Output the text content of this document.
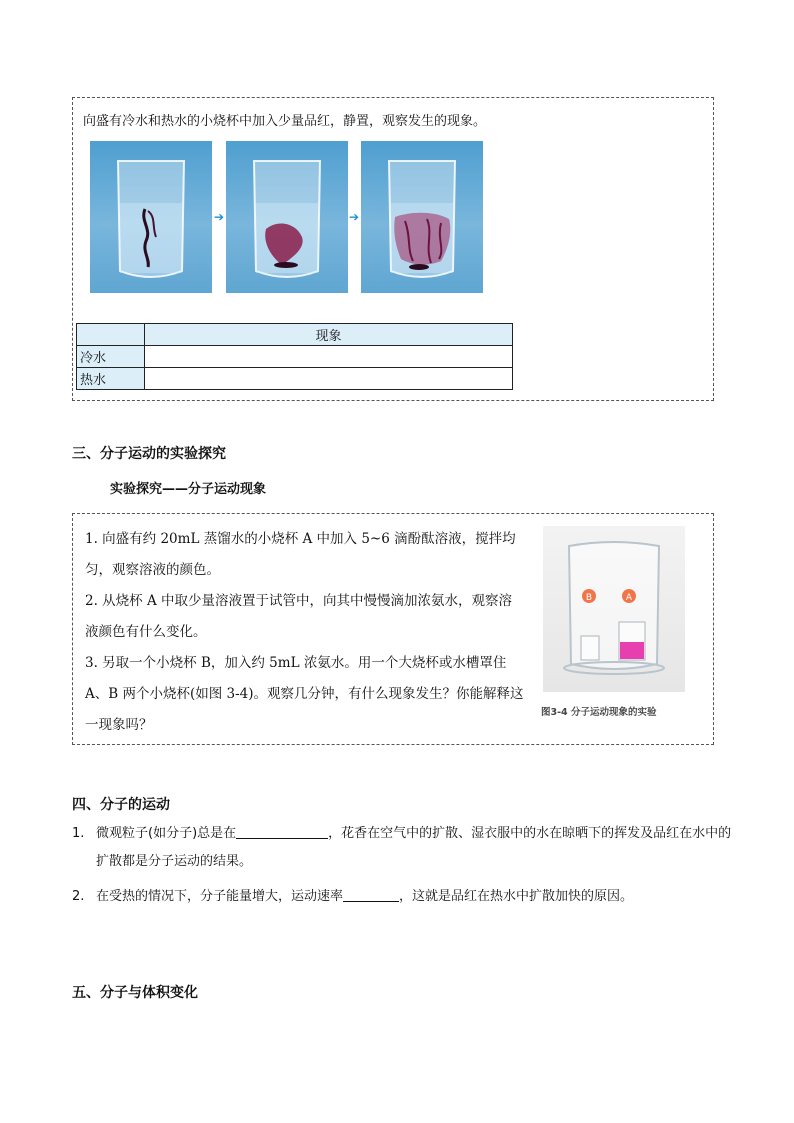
向盛有冷水和热水的小烧杯中加入少量品红，静置，观察发生的现象。
➔	➔
	现象
冷水	
热水	
三、分子运动的实验探究
实验探究——分子运动现象

1. 向盛有约 20mL 蒸馏水的小烧杯 A 中加入 5~6 滴酚酞溶液，搅拌均匀，观察溶液的颜色。

2. 从烧杯 A 中取少量溶液置于试管中，向其中慢慢滴加浓氨水，观察溶液颜色有什么变化。

3. 另取一个小烧杯 B，加入约 5mL 浓氨水。用一个大烧杯或水槽罩住 A、B 两个小烧杯(如图 3-4)。观察几分钟，有什么现象发生？你能解释这一现象吗？

B	A
图3-4 分子运动现象的实验
四、分子的运动
1. 微观粒子(如分子)总是在	，花香在空气中的扩散、湿衣服中的水在晾晒下的挥发及品红在水中的扩散都是分子运动的结果。
2. 在受热的情况下，分子能量增大，运动速率	，这就是品红在热水中扩散加快的原因。
五、分子与体积变化
